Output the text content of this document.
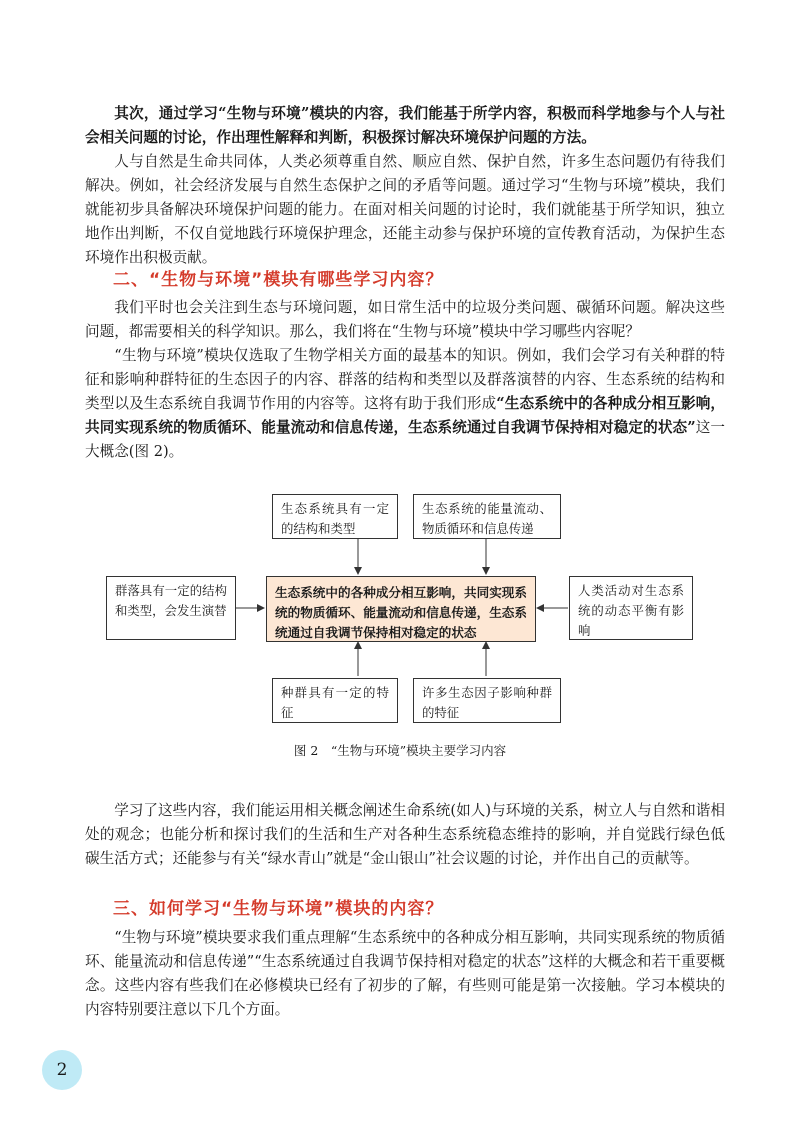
其次，通过学习“生物与环境”模块的内容，我们能基于所学内容，积极而科学地参与个人与社会相关问题的讨论，作出理性解释和判断，积极探讨解决环境保护问题的方法。

人与自然是生命共同体，人类必须尊重自然、顺应自然、保护自然，许多生态问题仍有待我们解决。例如，社会经济发展与自然生态保护之间的矛盾等问题。通过学习“生物与环境”模块，我们就能初步具备解决环境保护问题的能力。在面对相关问题的讨论时，我们就能基于所学知识，独立地作出判断，不仅自觉地践行环境保护理念，还能主动参与保护环境的宣传教育活动，为保护生态环境作出积极贡献。

二、“生物与环境”模块有哪些学习内容？

我们平时也会关注到生态与环境问题，如日常生活中的垃圾分类问题、碳循环问题。解决这些问题，都需要相关的科学知识。那么，我们将在“生物与环境”模块中学习哪些内容呢？

“生物与环境”模块仅选取了生物学相关方面的最基本的知识。例如，我们会学习有关种群的特征和影响种群特征的生态因子的内容、群落的结构和类型以及群落演替的内容、生态系统的结构和类型以及生态系统自我调节作用的内容等。这将有助于我们形成“生态系统中的各种成分相互影响，共同实现系统的物质循环、能量流动和信息传递，生态系统通过自我调节保持相对稳定的状态”这一大概念(图 2)。

生态系统具有一定的结构和类型
生态系统的能量流动、物质循环和信息传递
群落具有一定的结构和类型，会发生演替
生态系统中的各种成分相互影响，共同实现系统的物质循环、能量流动和信息传递，生态系统通过自我调节保持相对稳定的状态
人类活动对生态系统的动态平衡有影响
种群具有一定的特征
许多生态因子影响种群的特征
图 2　“生物与环境”模块主要学习内容

学习了这些内容，我们能运用相关概念阐述生命系统(如人)与环境的关系，树立人与自然和谐相处的观念；也能分析和探讨我们的生活和生产对各种生态系统稳态维持的影响，并自觉践行绿色低碳生活方式；还能参与有关“绿水青山”就是“金山银山”社会议题的讨论，并作出自己的贡献等。

三、如何学习“生物与环境”模块的内容？

“生物与环境”模块要求我们重点理解“生态系统中的各种成分相互影响，共同实现系统的物质循环、能量流动和信息传递”“生态系统通过自我调节保持相对稳定的状态”这样的大概念和若干重要概念。这些内容有些我们在必修模块已经有了初步的了解，有些则可能是第一次接触。学习本模块的内容特别要注意以下几个方面。

2
